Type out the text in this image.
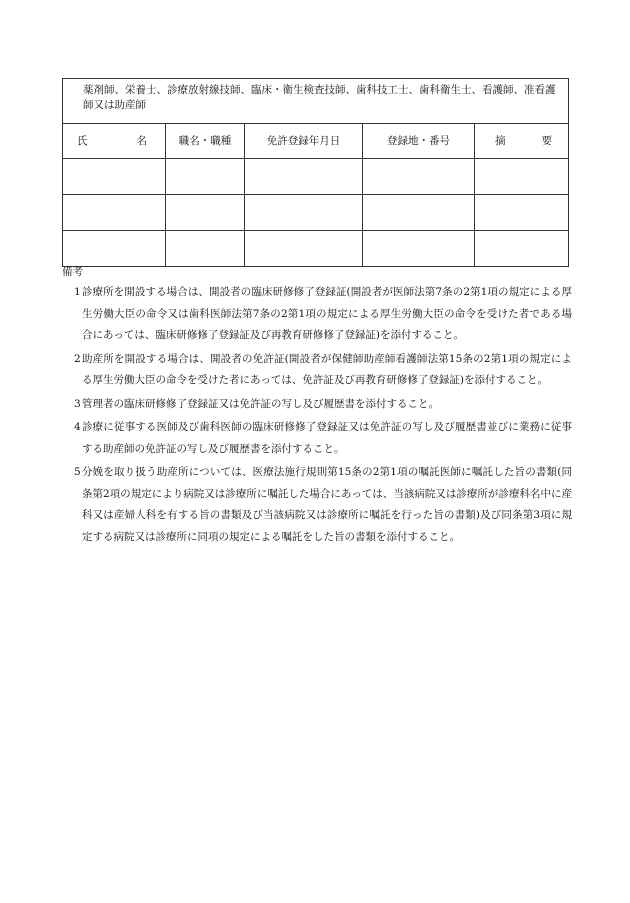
薬剤師、栄養士、診療放射線技師、臨床・衛生検査技師、歯科技工士、歯科衛生士、看護師、准看護師又は助産師				

氏 名	職名・職種	免許登録年月日	登録地・番号	摘 要

備考
1 診療所を開設する場合は、開設者の臨床研修修了登録証(開設者が医師法第7条の2第1項の規定による厚生労働大臣の命令又は歯科医師法第7条の2第1項の規定による厚生労働大臣の命令を受けた者である場合にあっては、臨床研修修了登録証及び再教育研修修了登録証)を添付すること。
2 助産所を開設する場合は、開設者の免許証(開設者が保健師助産師看護師法第15条の2第1項の規定による厚生労働大臣の命令を受けた者にあっては、免許証及び再教育研修修了登録証)を添付すること。
3 管理者の臨床研修修了登録証又は免許証の写し及び履歴書を添付すること。
4 診療に従事する医師及び歯科医師の臨床研修修了登録証又は免許証の写し及び履歴書並びに業務に従事する助産師の免許証の写し及び履歴書を添付すること。
5 分娩を取り扱う助産所については、医療法施行規則第15条の2第1項の嘱託医師に嘱託した旨の書類(同条第2項の規定により病院又は診療所に嘱託した場合にあっては、当該病院又は診療所が診療科名中に産科又は産婦人科を有する旨の書類及び当該病院又は診療所に嘱託を行った旨の書類)及び同条第3項に規定する病院又は診療所に同項の規定による嘱託をした旨の書類を添付すること。
